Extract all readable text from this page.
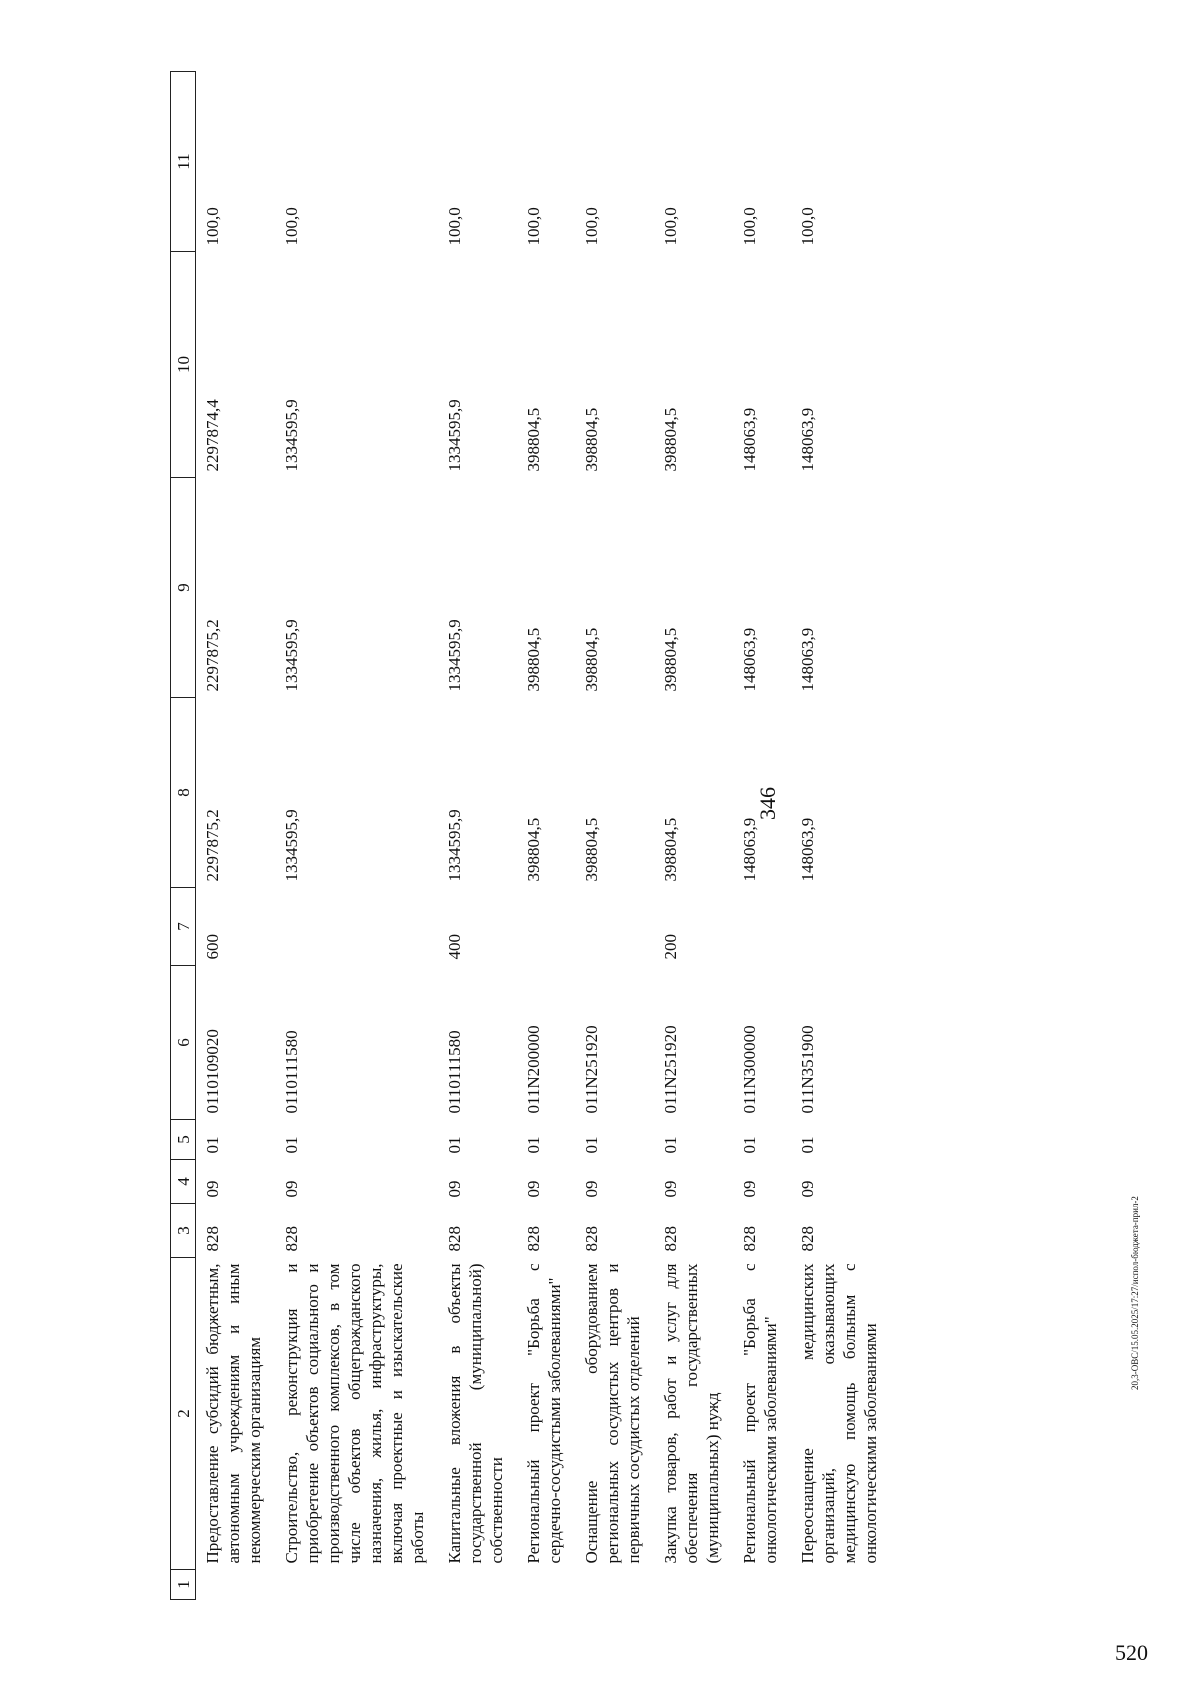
346
20,3-ОВС/15.05.2025/17:27/испол-бюджета-прил-2
520
1	2	3	4	5	6	7	8	9	10	11
	Предоставление субсидий бюджетным, автономным учреждениям и иным некоммерческим организациям	828	09	01	0110109020	600	2297875,2	2297875,2	2297874,4	100,0
	Строительство, реконструкция и приобретение объектов социального и производственного комплексов, в том числе объектов общегражданского назначения, жилья, инфраструктуры, включая проектные и изыскательские работы	828	09	01	0110111580		1334595,9	1334595,9	1334595,9	100,0
	Капитальные вложения в объекты государственной (муниципальной) собственности	828	09	01	0110111580	400	1334595,9	1334595,9	1334595,9	100,0
	Региональный проект "Борьба с сердечно-сосудистыми заболеваниями"	828	09	01	011N200000		398804,5	398804,5	398804,5	100,0
	Оснащение оборудованием региональных сосудистых центров и первичных сосудистых отделений	828	09	01	011N251920		398804,5	398804,5	398804,5	100,0
	Закупка товаров, работ и услуг для обеспечения государственных (муниципальных) нужд	828	09	01	011N251920	200	398804,5	398804,5	398804,5	100,0
	Региональный проект "Борьба с онкологическими заболеваниями"	828	09	01	011N300000		148063,9	148063,9	148063,9	100,0
	Переоснащение медицинских организаций, оказывающих медицинскую помощь больным с онкологическими заболеваниями	828	09	01	011N351900		148063,9	148063,9	148063,9	100,0
